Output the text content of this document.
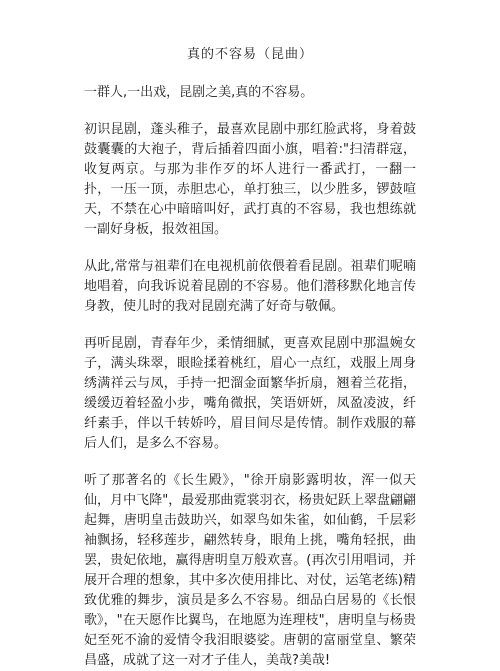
真的不容易（昆曲）

一群人,一出戏，昆剧之美,真的不容易。

初识昆剧，蓬头稚子，最喜欢昆剧中那红脸武将，身着鼓鼓囊囊的大袍子，背后插着四面小旗，唱着:"扫清群寇，收复两京。与那为非作歹的坏人进行一番武打，一翻一扑，一压一顶，赤胆忠心，单打独三，以少胜多，锣鼓喧天，不禁在心中暗暗叫好，武打真的不容易，我也想练就一副好身板，报效祖国。

从此,常常与祖辈们在电视机前依偎着看昆剧。祖辈们呢喃地唱着，向我诉说着昆剧的不容易。他们潜移默化地言传身教，使儿时的我对昆剧充满了好奇与敬佩。

再听昆剧，青春年少，柔情细腻，更喜欢昆剧中那温婉女子，满头珠翠，眼睑揉着桃红，眉心一点红，戏服上周身绣满祥云与凤，手持一把溜金面繁华折扇，翘着兰花指，缓缓迈着轻盈小步，嘴角微抿，笑语妍妍，凤盈凌波，纤纤素手，伴以千转娇吟，眉目间尽是传情。制作戏服的幕后人们，是多么不容易。

听了那著名的《长生殿》，"徐开扇影露明妆，浑一似天仙，月中飞降"，最爱那曲霓裳羽衣，杨贵妃跃上翠盘翩翩起舞，唐明皇击鼓助兴，如翠鸟如朱雀，如仙鹤，千层彩袖飘扬，轻移莲步，翩然转身，眼角上挑，嘴角轻抿，曲罢，贵妃依地，赢得唐明皇万般欢喜。(再次引用唱词，并展开合理的想象，其中多次使用排比、对仗，运笔老练)精致优雅的舞步，演员是多么不容易。细品白居易的《长恨歌》，"在天愿作比翼鸟，在地愿为连理枝"，唐明皇与杨贵妃至死不渝的爱情令我泪眼婆娑。唐朝的富丽堂皇、繁荣昌盛，成就了这一对才子佳人，美哉?美哉!
